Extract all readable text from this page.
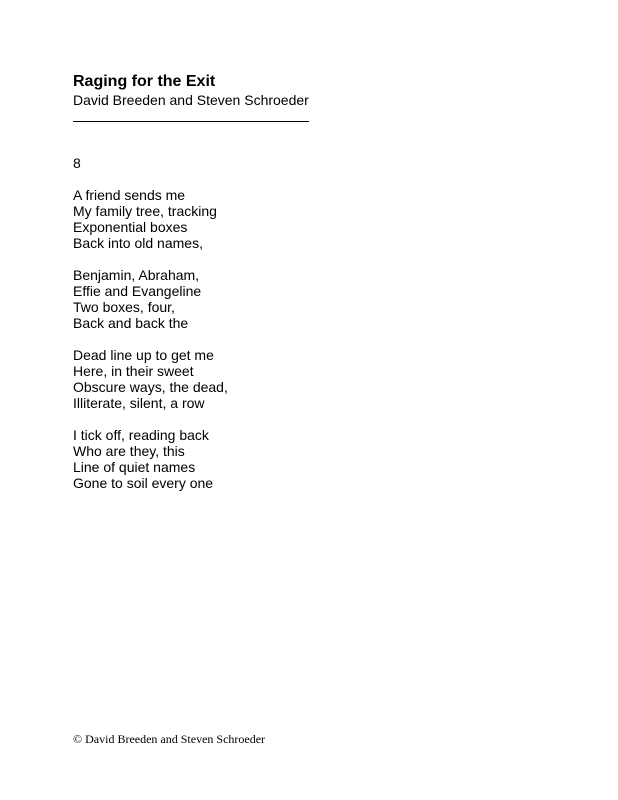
Raging for the Exit
David Breeden and Steven Schroeder
8
A friend sends me
My family tree, tracking
Exponential boxes
Back into old names,
Benjamin, Abraham,
Effie and Evangeline
Two boxes, four,
Back and back the
Dead line up to get me
Here, in their sweet
Obscure ways, the dead,
Illiterate, silent, a row
I tick off, reading back
Who are they, this
Line of quiet names
Gone to soil every one
© David Breeden and Steven Schroeder
